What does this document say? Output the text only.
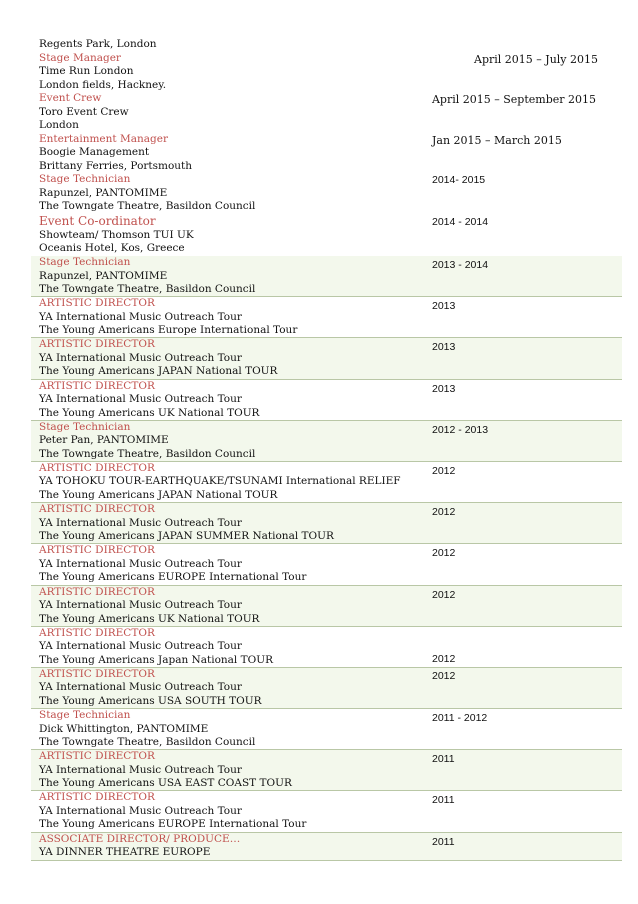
Regents Park, London
Stage Manager
Time Run London
London fields, Hackney.
April 2015 – July 2015
Event Crew
Toro Event Crew
London
April 2015 – September 2015
Entertainment Manager
Boogie Management
Brittany Ferries, Portsmouth
Jan 2015 – March 2015
Stage Technician
Rapunzel, PANTOMIME
The Towngate Theatre, Basildon Council
2014- 2015
Event Co-ordinator
Showteam/ Thomson TUI UK
Oceanis Hotel, Kos, Greece
2014 - 2014
Stage Technician
Rapunzel, PANTOMIME
The Towngate Theatre, Basildon Council
2013 - 2014
ARTISTIC DIRECTOR
YA International Music Outreach Tour
The Young Americans Europe International Tour
2013
ARTISTIC DIRECTOR
YA International Music Outreach Tour
The Young Americans JAPAN National TOUR
2013
ARTISTIC DIRECTOR
YA International Music Outreach Tour
The Young Americans UK National TOUR
2013
Stage Technician
Peter Pan, PANTOMIME
The Towngate Theatre, Basildon Council
2012 - 2013
ARTISTIC DIRECTOR
YA TOHOKU TOUR-EARTHQUAKE/TSUNAMI International RELIEF
The Young Americans JAPAN National TOUR
2012
ARTISTIC DIRECTOR
YA International Music Outreach Tour
The Young Americans JAPAN SUMMER National TOUR
2012
ARTISTIC DIRECTOR
YA International Music Outreach Tour
The Young Americans EUROPE International Tour
2012
ARTISTIC DIRECTOR
YA International Music Outreach Tour
The Young Americans UK National TOUR
2012
ARTISTIC DIRECTOR
YA International Music Outreach Tour
The Young Americans Japan National TOUR	2012
ARTISTIC DIRECTOR
YA International Music Outreach Tour
The Young Americans USA SOUTH TOUR
2012
Stage Technician
Dick Whittington, PANTOMIME
The Towngate Theatre, Basildon Council
2011 - 2012
ARTISTIC DIRECTOR
YA International Music Outreach Tour
The Young Americans USA EAST COAST TOUR
2011
ARTISTIC DIRECTOR
YA International Music Outreach Tour
The Young Americans EUROPE International Tour
2011
ASSOCIATE DIRECTOR/ PRODUCE…
YA DINNER THEATRE EUROPE
2011
